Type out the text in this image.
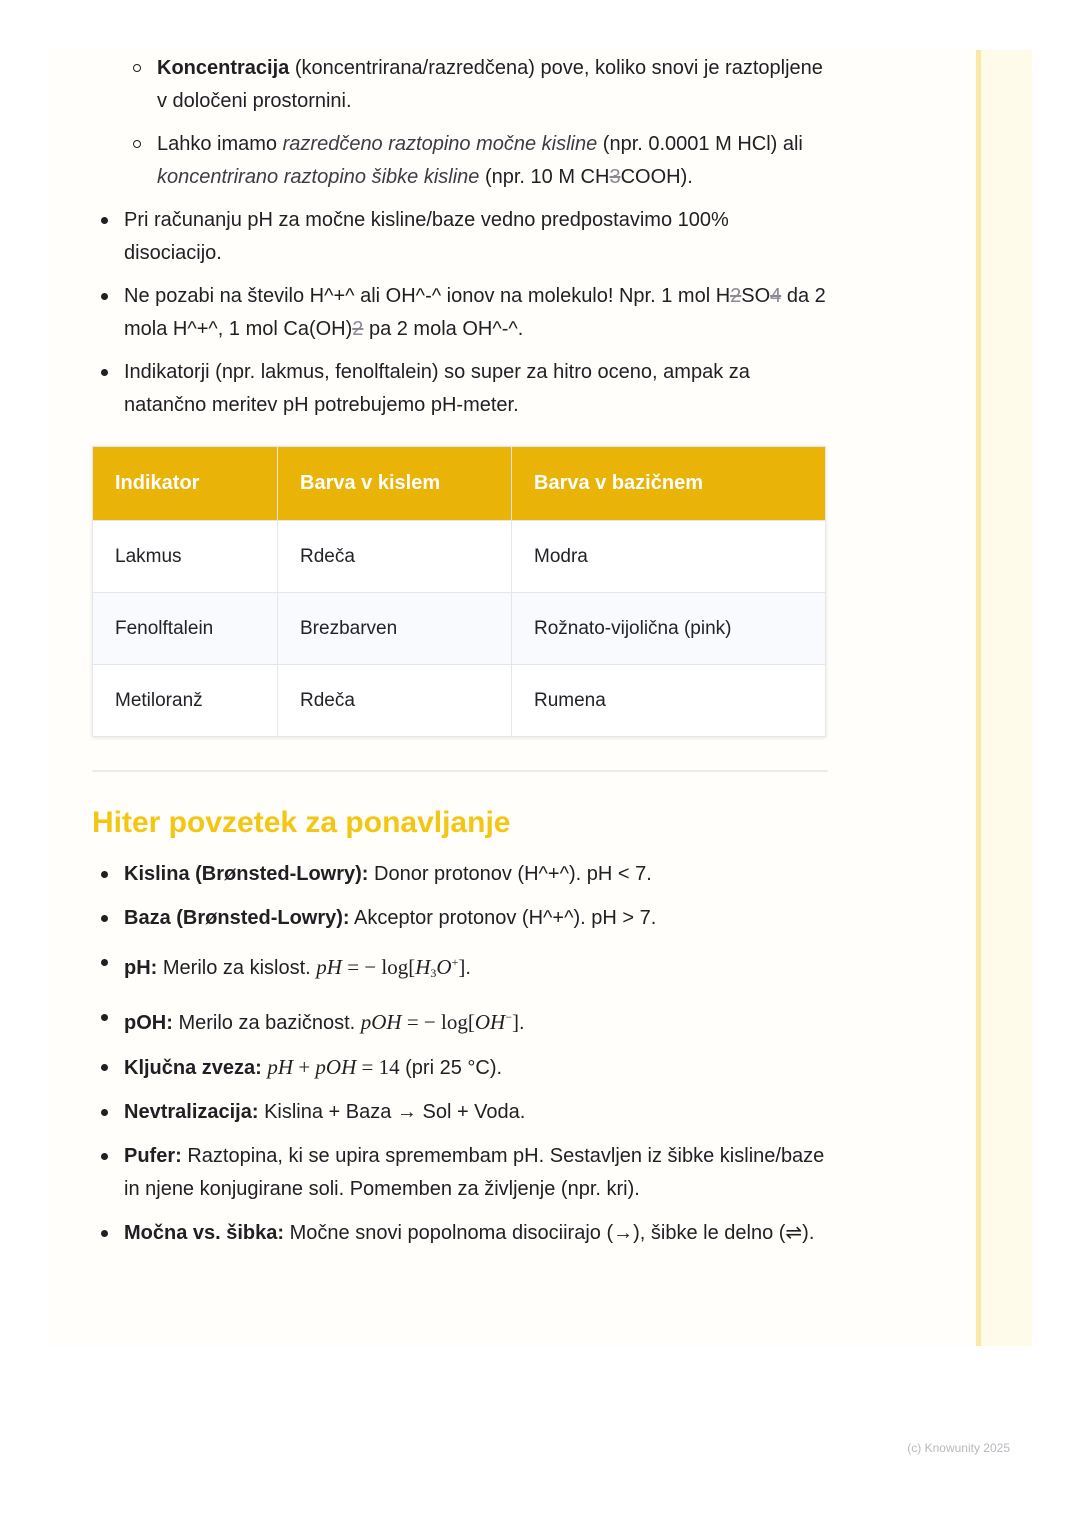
Koncentracija (koncentrirana/razredčena) pove, koliko snovi je raztopljene v določeni prostornini.
Lahko imamo razredčeno raztopino močne kisline (npr. 0.0001 M HCl) ali koncentrirano raztopino šibke kisline (npr. 10 M CH3COOH).
Pri računanju pH za močne kisline/baze vedno predpostavimo 100% disociacijo.
Ne pozabi na število H^+^ ali OH^-^ ionov na molekulo! Npr. 1 mol H2SO4 da 2 mola H^+^, 1 mol Ca(OH)2 pa 2 mola OH^-^.
Indikatorji (npr. lakmus, fenolftalein) so super za hitro oceno, ampak za natančno meritev pH potrebujemo pH-meter.
Indikator	Barva v kislem	Barva v bazičnem
Lakmus	Rdeča	Modra
Fenolftalein	Brezbarven	Rožnato-vijolična (pink)
Metiloranž	Rdeča	Rumena
Hiter povzetek za ponavljanje
Kislina (Brønsted-Lowry): Donor protonov (H^+^). pH < 7.
Baza (Brønsted-Lowry): Akceptor protonov (H^+^). pH > 7.
pH: Merilo za kislost. pH = − $\log[H_3O^+]$.
pOH: Merilo za bazičnost. pOH = − log[OH−].
Ključna zveza: pH + pOH = 14 (pri 25 °C).
Nevtralizacija: Kislina + Baza → Sol + Voda.
Pufer: Raztopina, ki se upira spremembam pH. Sestavljen iz šibke kisline/baze in njene konjugirane soli. Pomemben za življenje (npr. kri).
Močna vs. šibka: Močne snovi popolnoma disociirajo (→), šibke le delno (⇌).
(c) Knowunity 2025
